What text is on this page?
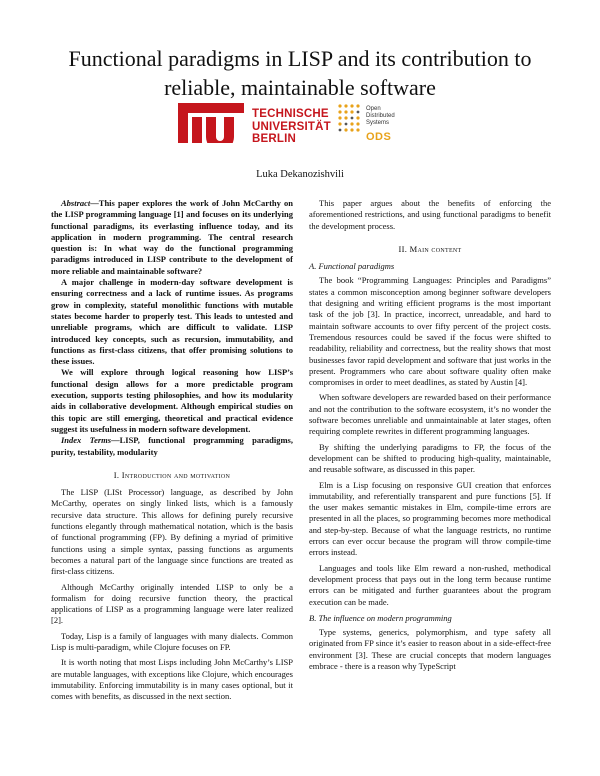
Functional paradigms in LISP and its contribution to reliable, maintainable software
TECHNISCHE
UNIVERSITÄT
BERLIN
Open
Distributed
Systems
ODS
Luka Dekanozishvili

Abstract—This paper explores the work of John McCarthy on the LISP programming language [1] and focuses on its underlying functional paradigms, its everlasting influence today, and its application in modern programming. The central research question is: In what way do the functional programming paradigms introduced in LISP contribute to the development of more reliable and maintainable software?

A major challenge in modern-day software development is ensuring correctness and a lack of runtime issues. As programs grow in complexity, stateful monolithic functions with mutable states become harder to properly test. This leads to untested and unreliable programs, which are difficult to validate. LISP introduced key concepts, such as recursion, immutability, and functions as first-class citizens, that offer promising solutions to these issues.

We will explore through logical reasoning how LISP’s functional design allows for a more predictable program execution, supports testing philosophies, and how its modularity aids in collaborative development. Although empirical studies on this topic are still emerging, theoretical and practical evidence suggest its usefulness in modern software development.

Index Terms—LISP, functional programming paradigms, purity, testability, modularity

I. Introduction and motivation

The LISP (LISt Processor) language, as described by John McCarthy, operates on singly linked lists, which is a famously recursive data structure. This allows for defining purely recursive functions elegantly through mathematical notation, which is the basis of functional programming (FP). By defining a myriad of primitive functions using a simple syntax, passing functions as arguments becomes a natural part of the language since functions are treated as first-class citizens.

Although McCarthy originally intended LISP to only be a formalism for doing recursive function theory, the practical applications of LISP as a programming language were later realized [2].

Today, Lisp is a family of languages with many dialects. Common Lisp is multi-paradigm, while Clojure focuses on FP.

It is worth noting that most Lisps including John McCarthy’s LISP are mutable languages, with exceptions like Clojure, which encourages immutability. Enforcing immutability is in many cases optional, but it comes with benefits, as discussed in the next section.

This paper argues about the benefits of enforcing the aforementioned restrictions, and using functional paradigms to benefit the development process.

II. Main content
A. Functional paradigms

The book “Programming Languages: Principles and Paradigms” states a common misconception among beginner software developers that designing and writing efficient programs is the most important task of the job [3]. In practice, incorrect, unreadable, and hard to maintain software accounts to over fifty percent of the project costs. Tremendous resources could be saved if the focus were shifted to readability, reliability and correctness, but the reality shows that most businesses favor rapid development and software that just works in the present. Programmers who care about software quality often make compromises in order to meet deadlines, as stated by Austin [4].

When software developers are rewarded based on their performance and not the contribution to the software ecosystem, it’s no wonder the software becomes unreliable and unmaintainable at later stages, often requiring complete rewrites in different programming languages.

By shifting the underlying paradigms to FP, the focus of the development can be shifted to producing high-quality, maintainable, and reusable software, as discussed in this paper.

Elm is a Lisp focusing on responsive GUI creation that enforces immutability, and referentially transparent and pure functions [5]. If the user makes semantic mistakes in Elm, compile-time errors are presented in all the places, so programming becomes more methodical and step-by-step. Because of what the language restricts, no runtime errors can ever occur because the program will throw compile-time errors instead.

Languages and tools like Elm reward a non-rushed, methodical development process that pays out in the long term because runtime errors can be mitigated and further guarantees about the program execution can be made.

B. The influence on modern programming

Type systems, generics, polymorphism, and type safety all originated from FP since it’s easier to reason about in a side-effect-free environment [3]. These are crucial concepts that modern languages embrace - there is a reason why TypeScript
